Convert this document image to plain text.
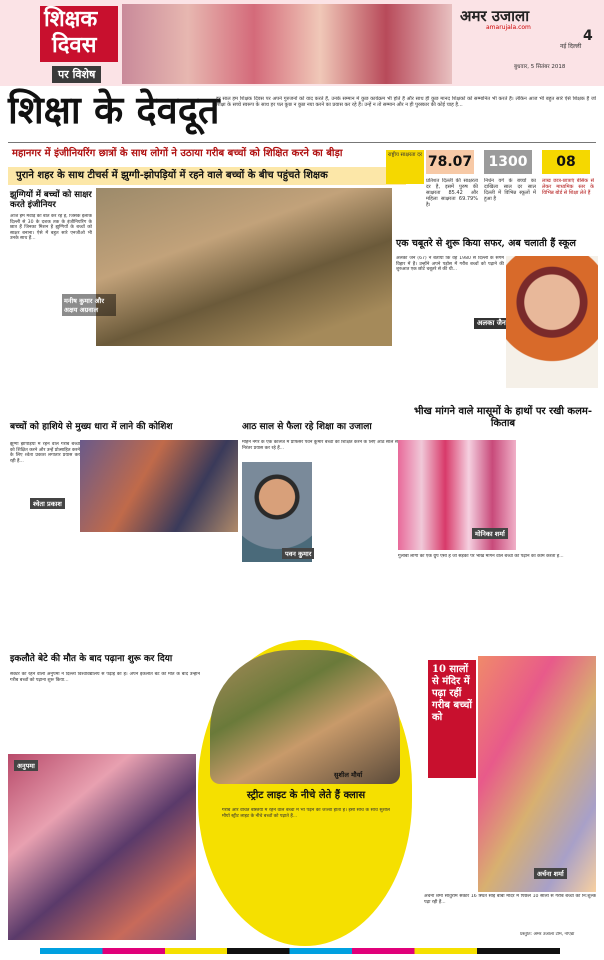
शिक्षक
दिवस
पर विशेष
अमर उजाला
amarujala.com
4
नई दिल्ली
बुधवार, 5 सितंबर 2018
शिक्षा के देवदूत
हर साल हम शिक्षक दिवस पर अपने गुरुजनों को याद करते हैं, उनके सम्मान में कुछ कार्यक्रम भी होते हैं और साथ ही कुछ मानद शिक्षकों को सम्मानित भी करते हैं। लेकिन आज भी बहुत सारे ऐसे शिक्षक हैं जो शिक्षा के सच्चे स्वरूप के साथ हर पल कुछ न कुछ नया करने का प्रयास कर रहे हैं। उन्हें न तो सम्मान और न ही पुरस्कार की कोई चाह है...
महानगर में इंजीनियरिंग छात्रों के साथ लोगों ने उठाया गरीब बच्चों को शिक्षित करने का बीड़ा
पुराने शहर के साथ टीचर्स में झुग्गी-झोपड़ियों में रहने वाले बच्चों के बीच पहुंचते शिक्षक
राष्ट्रीय साक्षरता दर 78.07
प्रतिशत दिल्ली की साक्षरता दर है, इसमें पुरुष की साक्षरता 85.42 और महिला साक्षरता 69.79% है।
1300
निर्धन वर्ग के बच्चों का दाखिला साल दर साल दिल्ली में विभिन्न स्कूलों में हुआ है
08
लाख छात्र-छात्राएं बेसिक से लेकर माध्यमिक स्तर के विभिन्न बोर्ड से शिक्षा लेते हैं
झुग्गियों में बच्चों को साक्षर करते इंजीनियर
आज हम मेवाड़ की बात कर रहे हैं, जिसके इलाके दिल्ली से 30 के दशक तक के इंजीनियरिंग के छात्र हैं जिनका मिशन है झुग्गियों के बच्चों को साक्षर बनाना। ऐसे में बहुत सारे एनजीओ भी उनके साथ हैं...
मनीष कुमार और अक्षय अग्रवाल
एक चबूतरे से शुरू किया सफर, अब चलाती हैं स्कूल
अलका जैन (67) ने बताया कि वह 1980 से दिल्ली के संगम विहार में हैं। उन्होंने अपने पड़ोस में गरीब बच्चों को पढ़ाने की शुरुआत एक छोटे चबूतरे से की थी...
अलका जैन
बच्चों को हाशिये से मुख्य धारा में लाने की कोशिश
झुग्गी झोपड़ियों में रहने वाले गरीब बच्चों को शिक्षित करने और उन्हें प्रोत्साहित करने के लिए श्वेता प्रकाश लगातार प्रयास कर रही हैं...
श्वेता प्रकाश
आठ साल से फैला रहे शिक्षा का उजाला
मोहन नगर के एक कॉलेज में प्रोफेसर पवन कुमार बच्चों को शिक्षित करने के लिए आठ साल से निरंतर प्रयास कर रहे हैं...
पवन कुमार
भीख मांगने वाले मासूमों के हाथों पर रखी कलम-किताब
मोनिका शर्मा
गुलाबी लोगों का एक ग्रुप ऐसा है जो सड़कों पर भीख मांगने वाले बच्चों को पढ़ाने का काम करता है...
इकलौते बेटे की मौत के बाद पढ़ाना शुरू कर दिया
सेक्टर की रहने वाली अनुपमा ने दिल्ली विश्वविद्यालय से पढ़ाई की है। अपने इकलौते बेटे की मौत के बाद उन्होंने गरीब बच्चों को पढ़ाना शुरू किया...
अनुपमा
सुशील मौर्या
स्ट्रीट लाइट के नीचे लेते हैं क्लास
गरीब और वंचित बस्तियों में रहने वाले बच्चों में भी पढ़ने का जज्बा होता है। इसी सोच के साथ सुशील मौर्या स्ट्रीट लाइट के नीचे बच्चों को पढ़ाते हैं...
10 सालों से मंदिर में पढ़ा रहीं गरीब बच्चों को
अर्चना शर्मा
अर्चना शर्मा साधुराम सेक्टर 16 स्थित सांई बाबा मंदिर में पिछले 10 सालों से गरीब बच्चों को नि:शुल्क पढ़ा रही हैं...
प्रस्तुति: अमर उजाला टीम, नोएडा
